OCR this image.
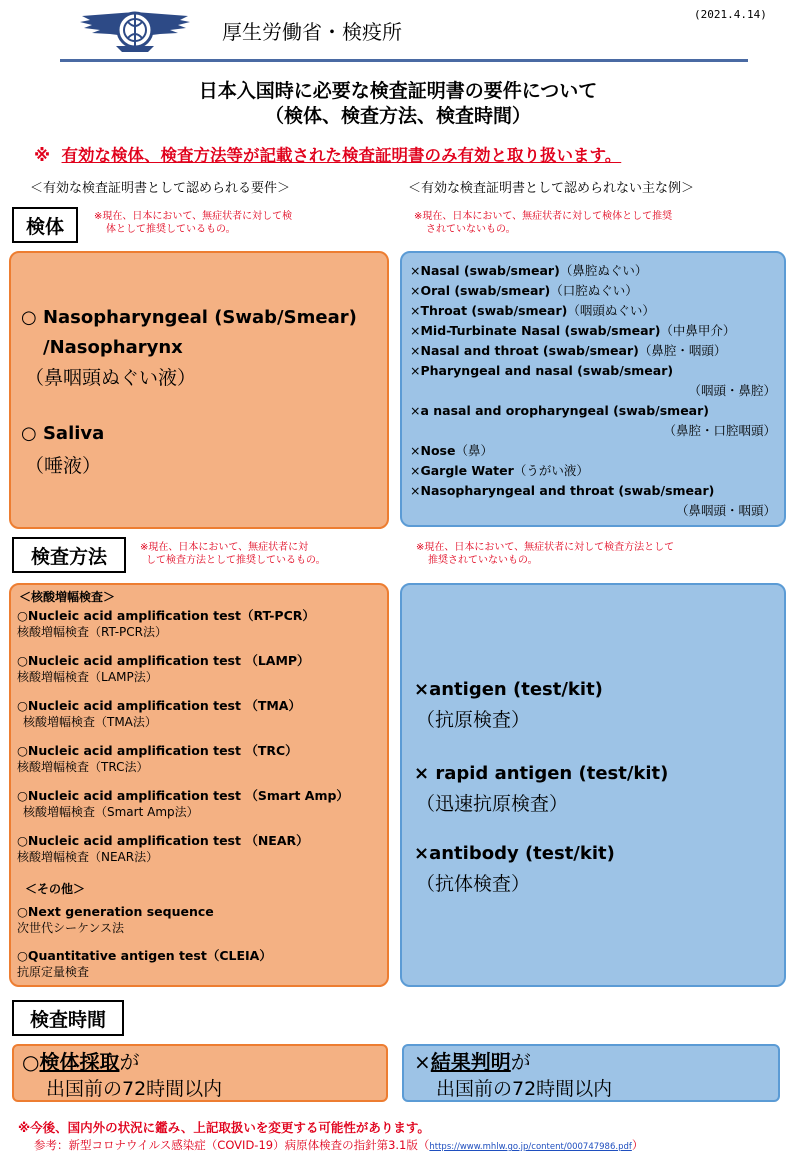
厚生労働省・検疫所
(2021.4.14)
日本入国時に必要な検査証明書の要件について
（検体、検査方法、検査時間）
※ 有効な検体、検査方法等が記載された検査証明書のみ有効と取り扱います。
＜有効な検査証明書として認められる要件＞	＜有効な検査証明書として認められない主な例＞
検体	※現在、日本において、無症状者に対して検
体として推奨しているもの。
※現在、日本において、無症状者に対して検体として推奨
されていないもの。
○ Nasopharyngeal (Swab/Smear)
/Nasopharynx
（鼻咽頭ぬぐい液）
○ Saliva
（唾液）
×Nasal (swab/smear)（鼻腔ぬぐい）
×Oral (swab/smear)（口腔ぬぐい）
×Throat (swab/smear)（咽頭ぬぐい）
×Mid-Turbinate Nasal (swab/smear)（中鼻甲介）
×Nasal and throat (swab/smear)（鼻腔・咽頭）
×Pharyngeal and nasal (swab/smear)
（咽頭・鼻腔）
×a nasal and oropharyngeal (swab/smear)
（鼻腔・口腔咽頭）
×Nose（鼻）
×Gargle Water（うがい液）
×Nasopharyngeal and throat (swab/smear)
（鼻咽頭・咽頭）
検査方法	※現在、日本において、無症状者に対
して検査方法として推奨しているもの。
※現在、日本において、無症状者に対して検査方法として
推奨されていないもの。
＜核酸増幅検査＞
○Nucleic acid amplification test（RT-PCR）
核酸増幅検査（RT-PCR法）
○Nucleic acid amplification test （LAMP）
核酸増幅検査（LAMP法）
○Nucleic acid amplification test （TMA）
核酸増幅検査（TMA法）
○Nucleic acid amplification test （TRC）
核酸増幅検査（TRC法）
○Nucleic acid amplification test （Smart Amp）
核酸増幅検査（Smart Amp法）
○Nucleic acid amplification test （NEAR）
核酸増幅検査（NEAR法）
＜その他＞
○Next generation sequence
次世代シーケンス法
○Quantitative antigen test（CLEIA）
抗原定量検査
×antigen (test/kit)
（抗原検査）
× rapid antigen (test/kit)
（迅速抗原検査）
×antibody (test/kit)
（抗体検査）
検査時間
○検体採取が
出国前の72時間以内
×結果判明が
出国前の72時間以内
※今後、国内外の状況に鑑み、上記取扱いを変更する可能性があります。
参考：新型コロナウイルス感染症（COVID-19）病原体検査の指針第3.1版（https://www.mhlw.go.jp/content/000747986.pdf）
